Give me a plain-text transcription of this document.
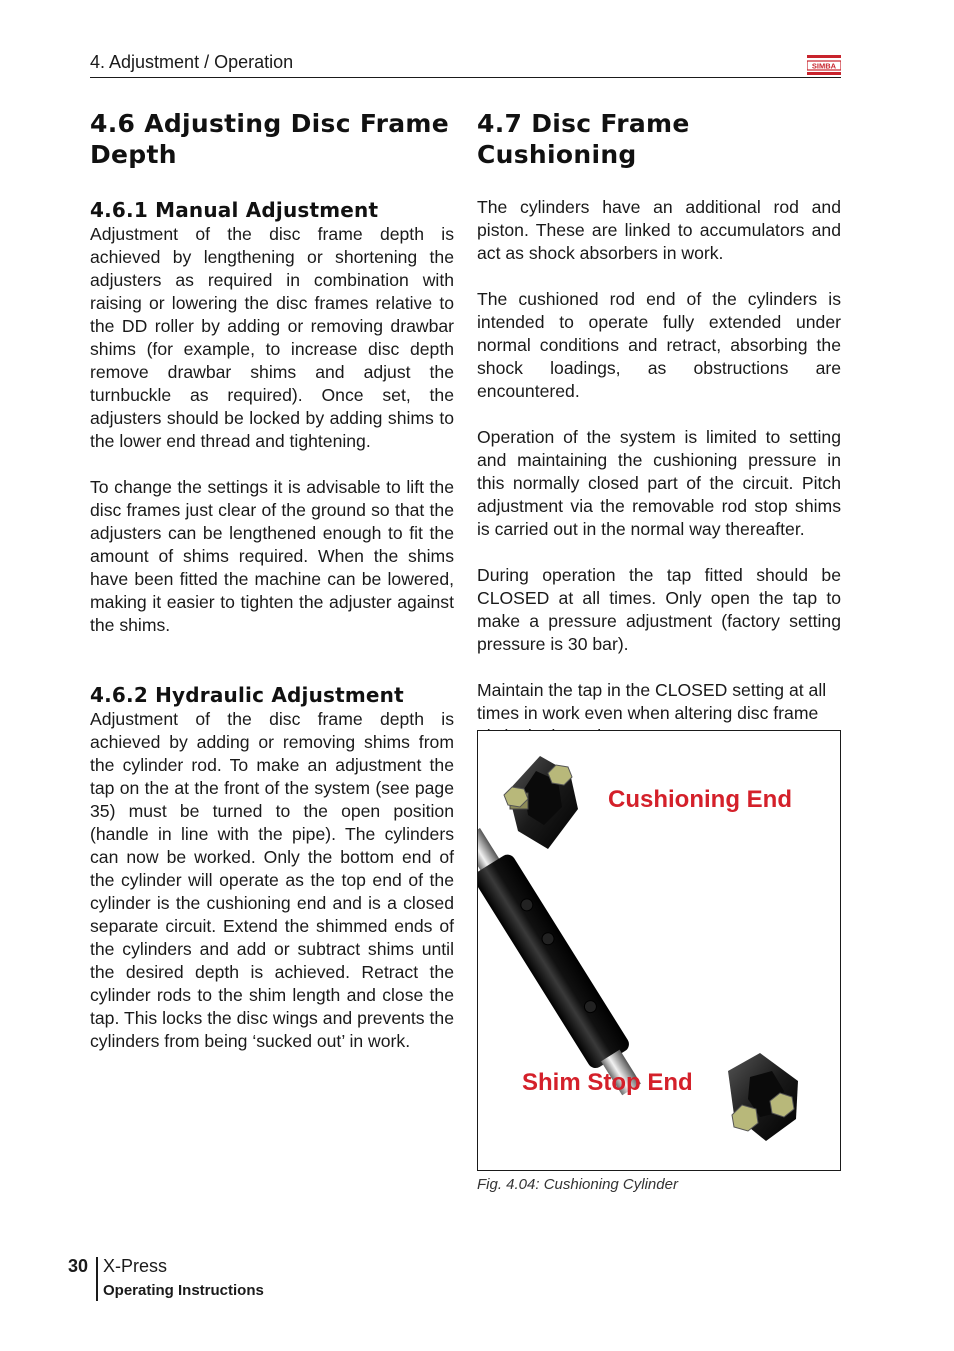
4. Adjustment / Operation	SIMBA
4.6 Adjusting Disc Frame Depth
4.6.1 Manual Adjustment

Adjustment of the disc frame depth is achieved by lengthening or shortening the adjusters as required in combination with raising or lowering the disc frames relative to the DD roller by adding or removing drawbar shims (for example, to increase disc depth remove drawbar shims and adjust the turnbuckle as required). Once set, the adjusters should be locked by adding shims to the lower end thread and tightening.

To change the settings it is advisable to lift the disc frames just clear of the ground so that the adjusters can be lengthened enough to fit the amount of shims required. When the shims have been fitted the machine can be lowered, making it easier to tighten the adjuster against the shims.

4.6.2 Hydraulic Adjustment

Adjustment of the disc frame depth is achieved by adding or removing shims from the cylinder rod. To make an adjustment the tap on the at the front of the system (see page 35) must be turned to the open position (handle in line with the pipe). The cylinders can now be worked. Only the bottom end of the cylinder will operate as the top end of the cylinder is the cushioning end and is a closed separate circuit. Extend the shimmed ends of the cylinders and add or subtract shims until the desired depth is achieved. Retract the cylinder rods to the shim length and close the tap. This locks the disc wings and prevents the cylinders from being ‘sucked out’ in work.

4.7 Disc Frame Cushioning

The cylinders have an additional rod and piston. These are linked to accumulators and act as shock absorbers in work.

The cushioned rod end of the cylinders is intended to operate fully extended under normal conditions and retract, absorbing the shock loadings, as obstructions are encountered.

Operation of the system is limited to setting and maintaining the cushioning pressure in this normally closed part of the circuit. Pitch adjustment via the removable rod stop shims is carried out in the normal way thereafter.

During operation the tap fitted should be CLOSED at all times. Only open the tap to make a pressure adjustment (factory setting pressure is 30 bar).

Maintain the tap in the CLOSED setting at all times in work even when altering disc frame

Cushioning End
Shim Stop End
Fig. 4.04: Cushioning Cylinder
30 X-Press
Operating Instructions
